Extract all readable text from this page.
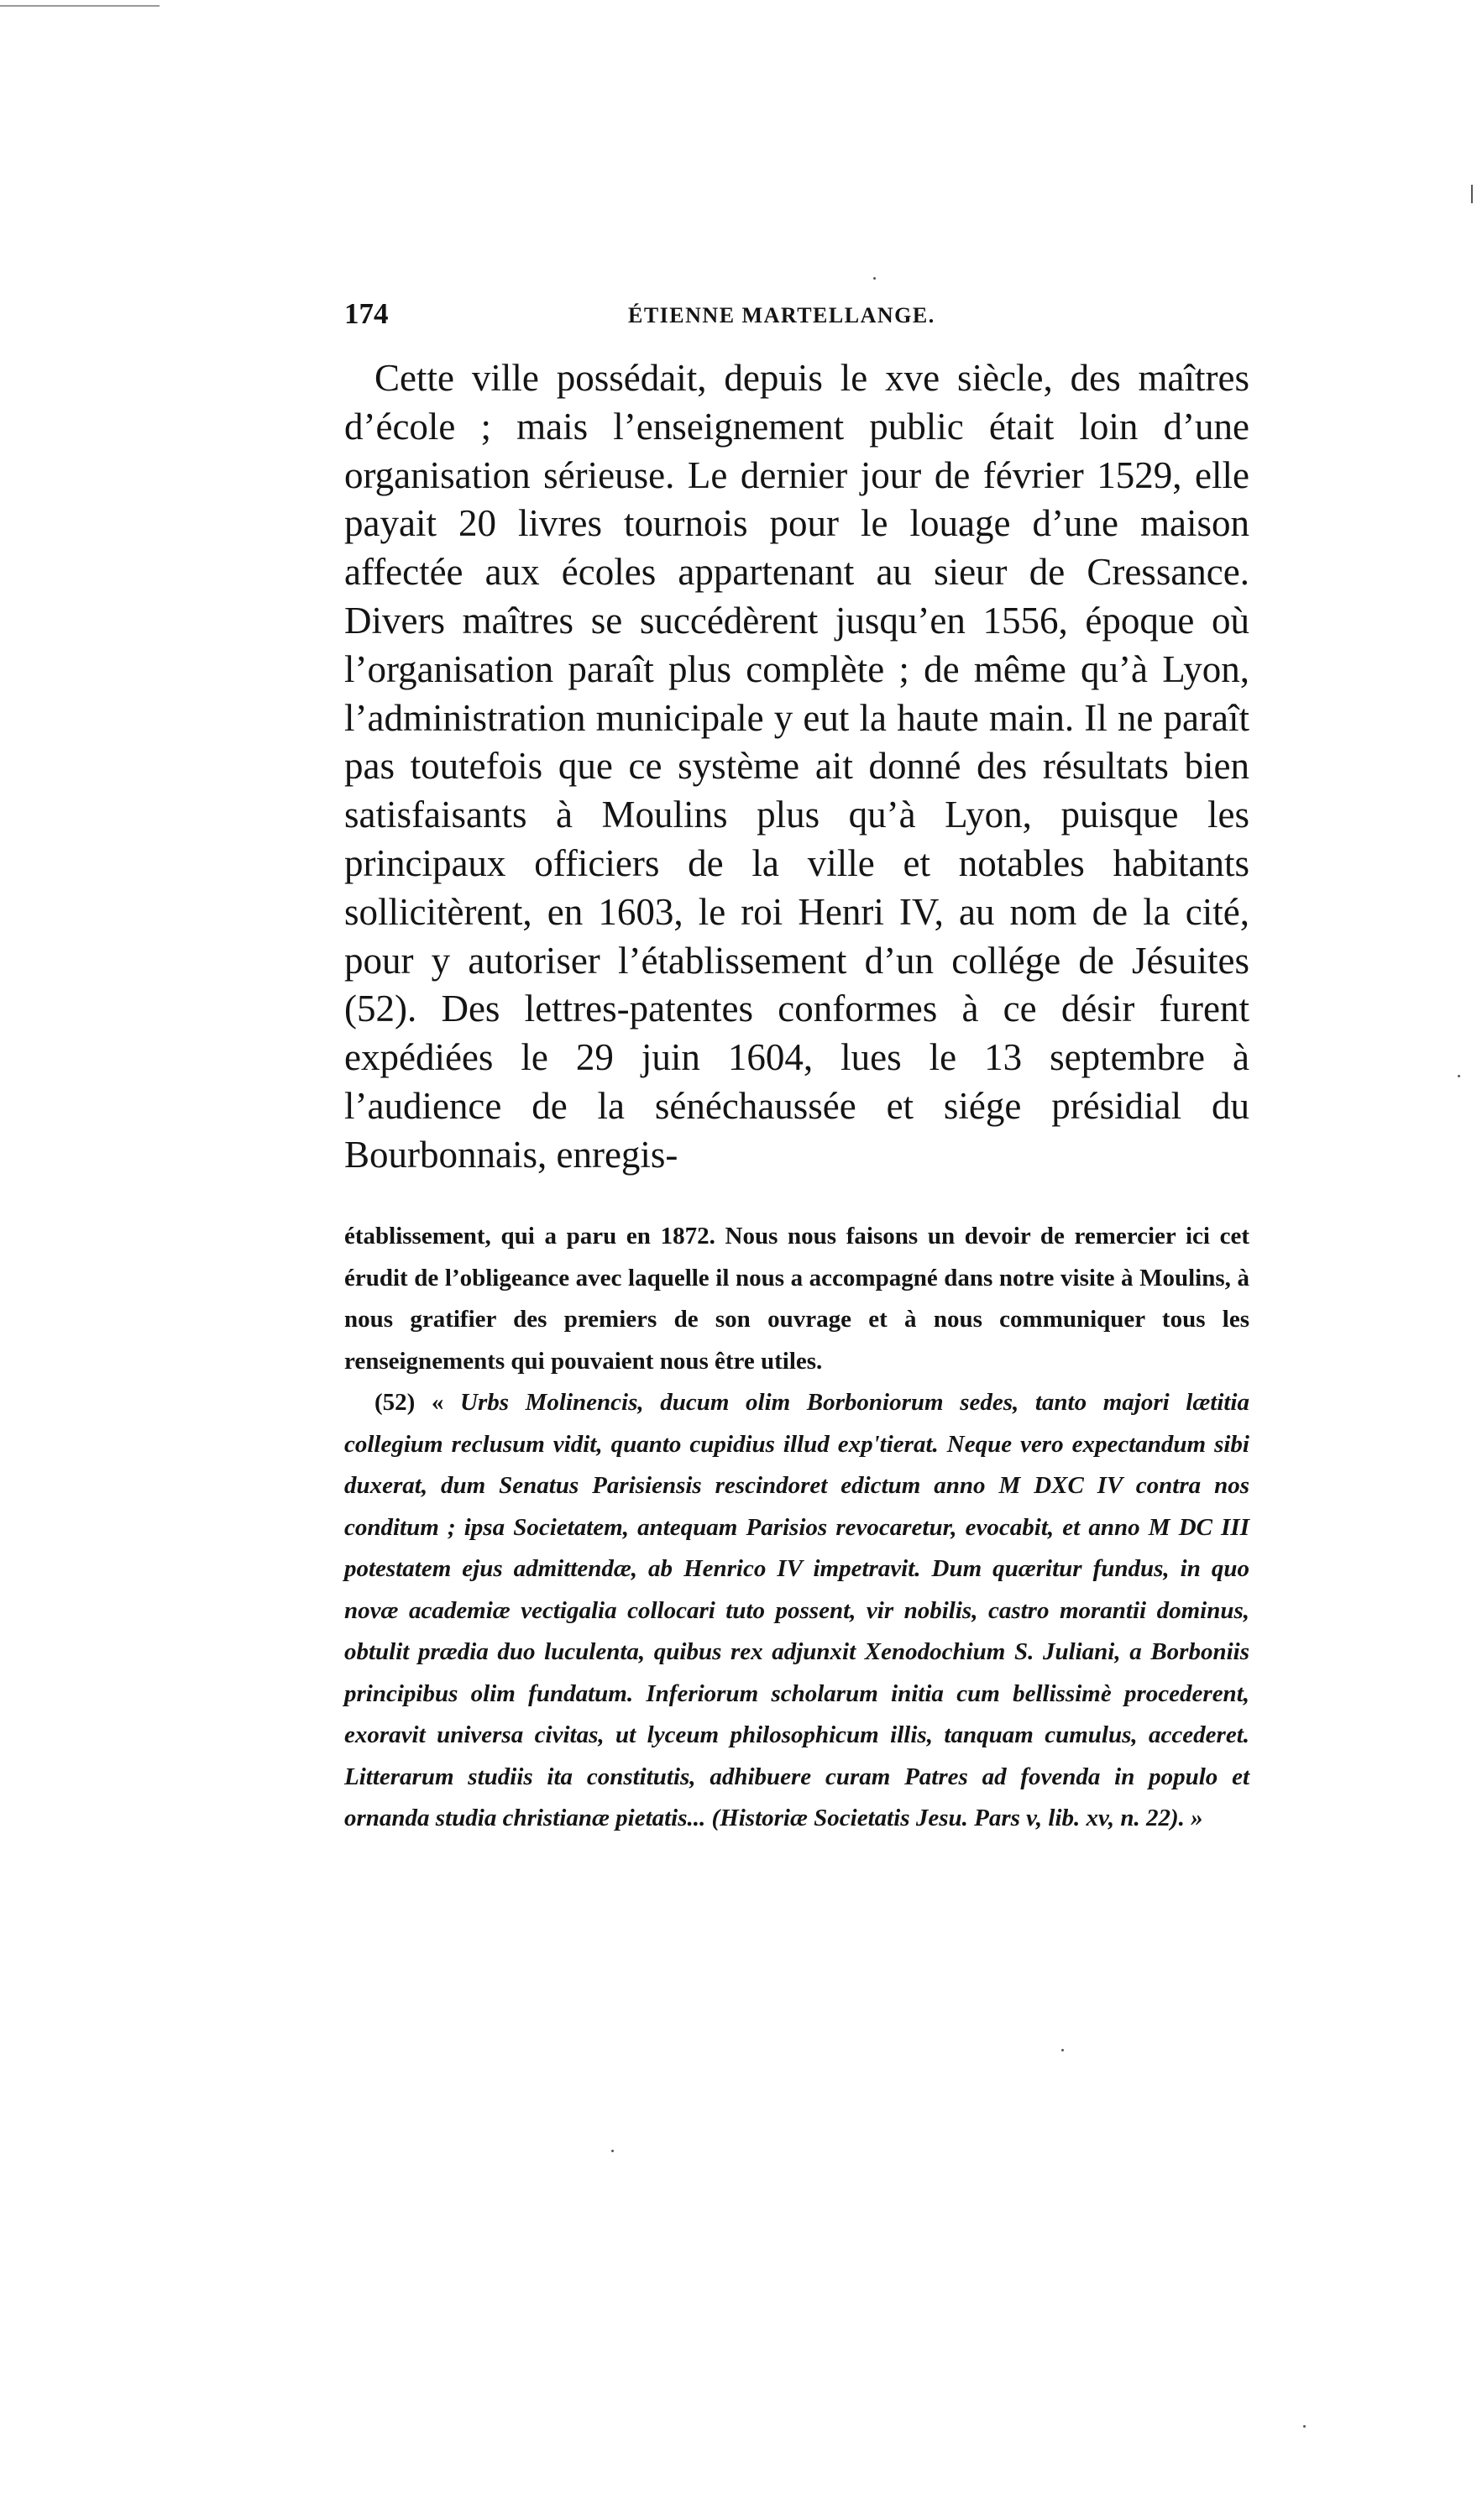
174	ÉTIENNE MARTELLANGE.

Cette ville possédait, depuis le xve siècle, des maîtres d’école ; mais l’enseignement public était loin d’une organisation sérieuse. Le dernier jour de février 1529, elle payait 20 livres tournois pour le louage d’une maison affectée aux écoles appartenant au sieur de Cressance. Divers maîtres se succédèrent jusqu’en 1556, époque où l’organisation paraît plus complète ; de même qu’à Lyon, l’administration municipale y eut la haute main. Il ne paraît pas toutefois que ce système ait donné des résultats bien satisfaisants à Moulins plus qu’à Lyon, puisque les principaux officiers de la ville et notables habitants sollicitèrent, en 1603, le roi Henri IV, au nom de la cité, pour y autoriser l’établissement d’un collége de Jésuites (52). Des lettres-patentes conformes à ce désir furent expédiées le 29 juin 1604, lues le 13 septembre à l’audience de la sénéchaussée et siége présidial du Bourbonnais, enregis-

établissement, qui a paru en 1872. Nous nous faisons un devoir de remercier ici cet érudit de l’obligeance avec laquelle il nous a accompagné dans notre visite à Moulins, à nous gratifier des premiers de son ouvrage et à nous communiquer tous les renseignements qui pouvaient nous être utiles.

(52) « Urbs Molinencis, ducum olim Borboniorum sedes, tanto majori lætitia collegium reclusum vidit, quanto cupidius illud exp'tierat. Neque vero expectandum sibi duxerat, dum Senatus Parisiensis rescindoret edictum anno M DXC IV contra nos conditum ; ipsa Societatem, antequam Parisios revocaretur, evocabit, et anno M DC III potestatem ejus admittendæ, ab Henrico IV impetravit. Dum quæritur fundus, in quo novæ academiæ vectigalia collocari tuto possent, vir nobilis, castro morantii dominus, obtulit prædia duo luculenta, quibus rex adjunxit Xenodochium S. Juliani, a Borboniis principibus olim fundatum. Inferiorum scholarum initia cum bellissimè procederent, exoravit universa civitas, ut lyceum philosophicum illis, tanquam cumulus, accederet. Litterarum studiis ita constitutis, adhibuere curam Patres ad fovenda in populo et ornanda studia christianæ pietatis... (Historiæ Societatis Jesu. Pars v, lib. xv, n. 22). »
